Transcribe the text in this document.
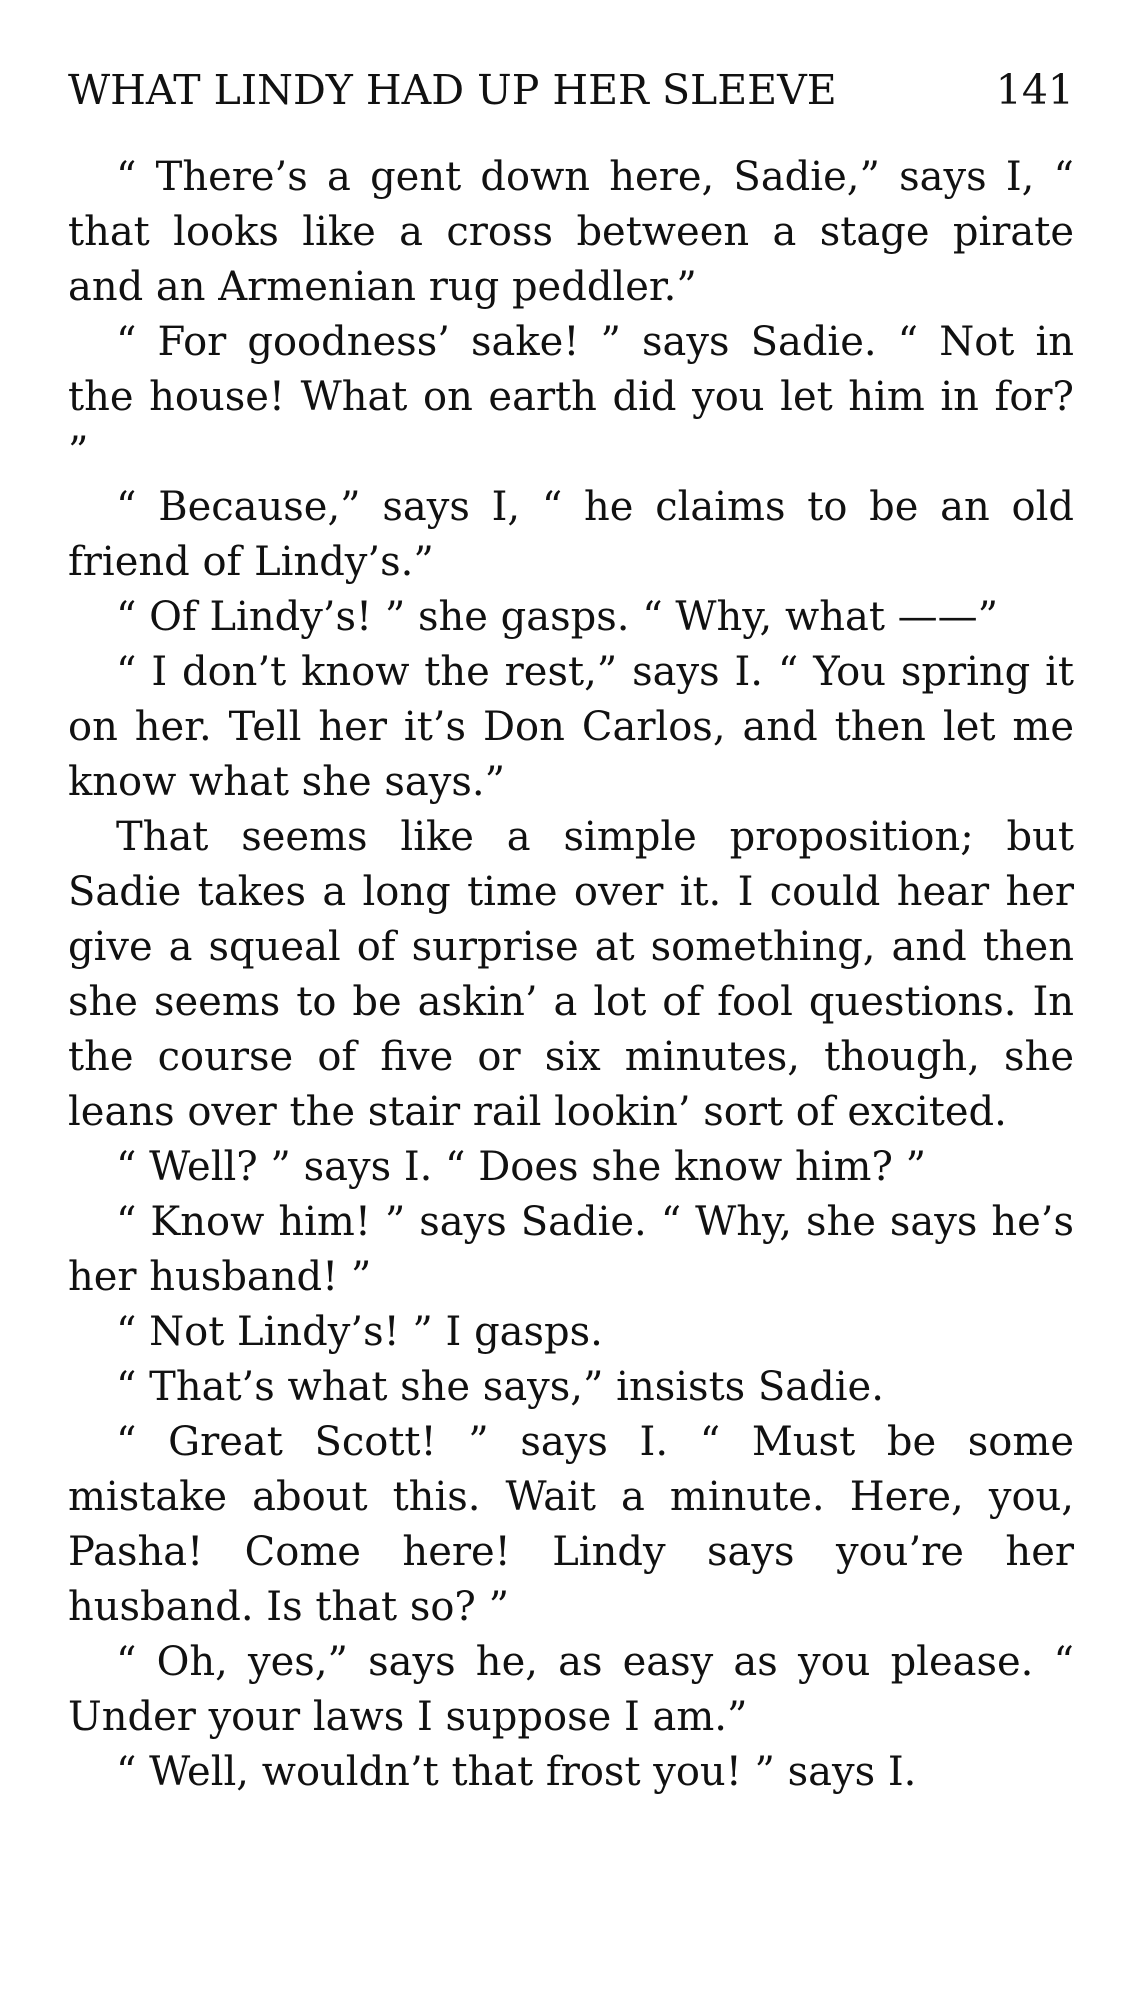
WHAT LINDY HAD UP HER SLEEVE	141

“ There’s a gent down here, Sadie,” says I, “ that looks like a cross between a stage pirate and an Armenian rug peddler.”

“ For goodness’ sake! ” says Sadie. “ Not in the house! What on earth did you let him in for? ”

“ Because,” says I, “ he claims to be an old friend of Lindy’s.”

“ Of Lindy’s! ” she gasps. “ Why, what ——”

“ I don’t know the rest,” says I. “ You spring it on her. Tell her it’s Don Carlos, and then let me know what she says.”

That seems like a simple proposition; but Sadie takes a long time over it. I could hear her give a squeal of surprise at something, and then she seems to be askin’ a lot of fool questions. In the course of five or six minutes, though, she leans over the stair rail lookin’ sort of excited.

“ Well? ” says I. “ Does she know him? ”

“ Know him! ” says Sadie. “ Why, she says he’s her husband! ”

“ Not Lindy’s! ” I gasps.

“ That’s what she says,” insists Sadie.

“ Great Scott! ” says I. “ Must be some mistake about this. Wait a minute. Here, you, Pasha! Come here! Lindy says you’re her husband. Is that so? ”

“ Oh, yes,” says he, as easy as you please. “ Under your laws I suppose I am.”

“ Well, wouldn’t that frost you! ” says I.
